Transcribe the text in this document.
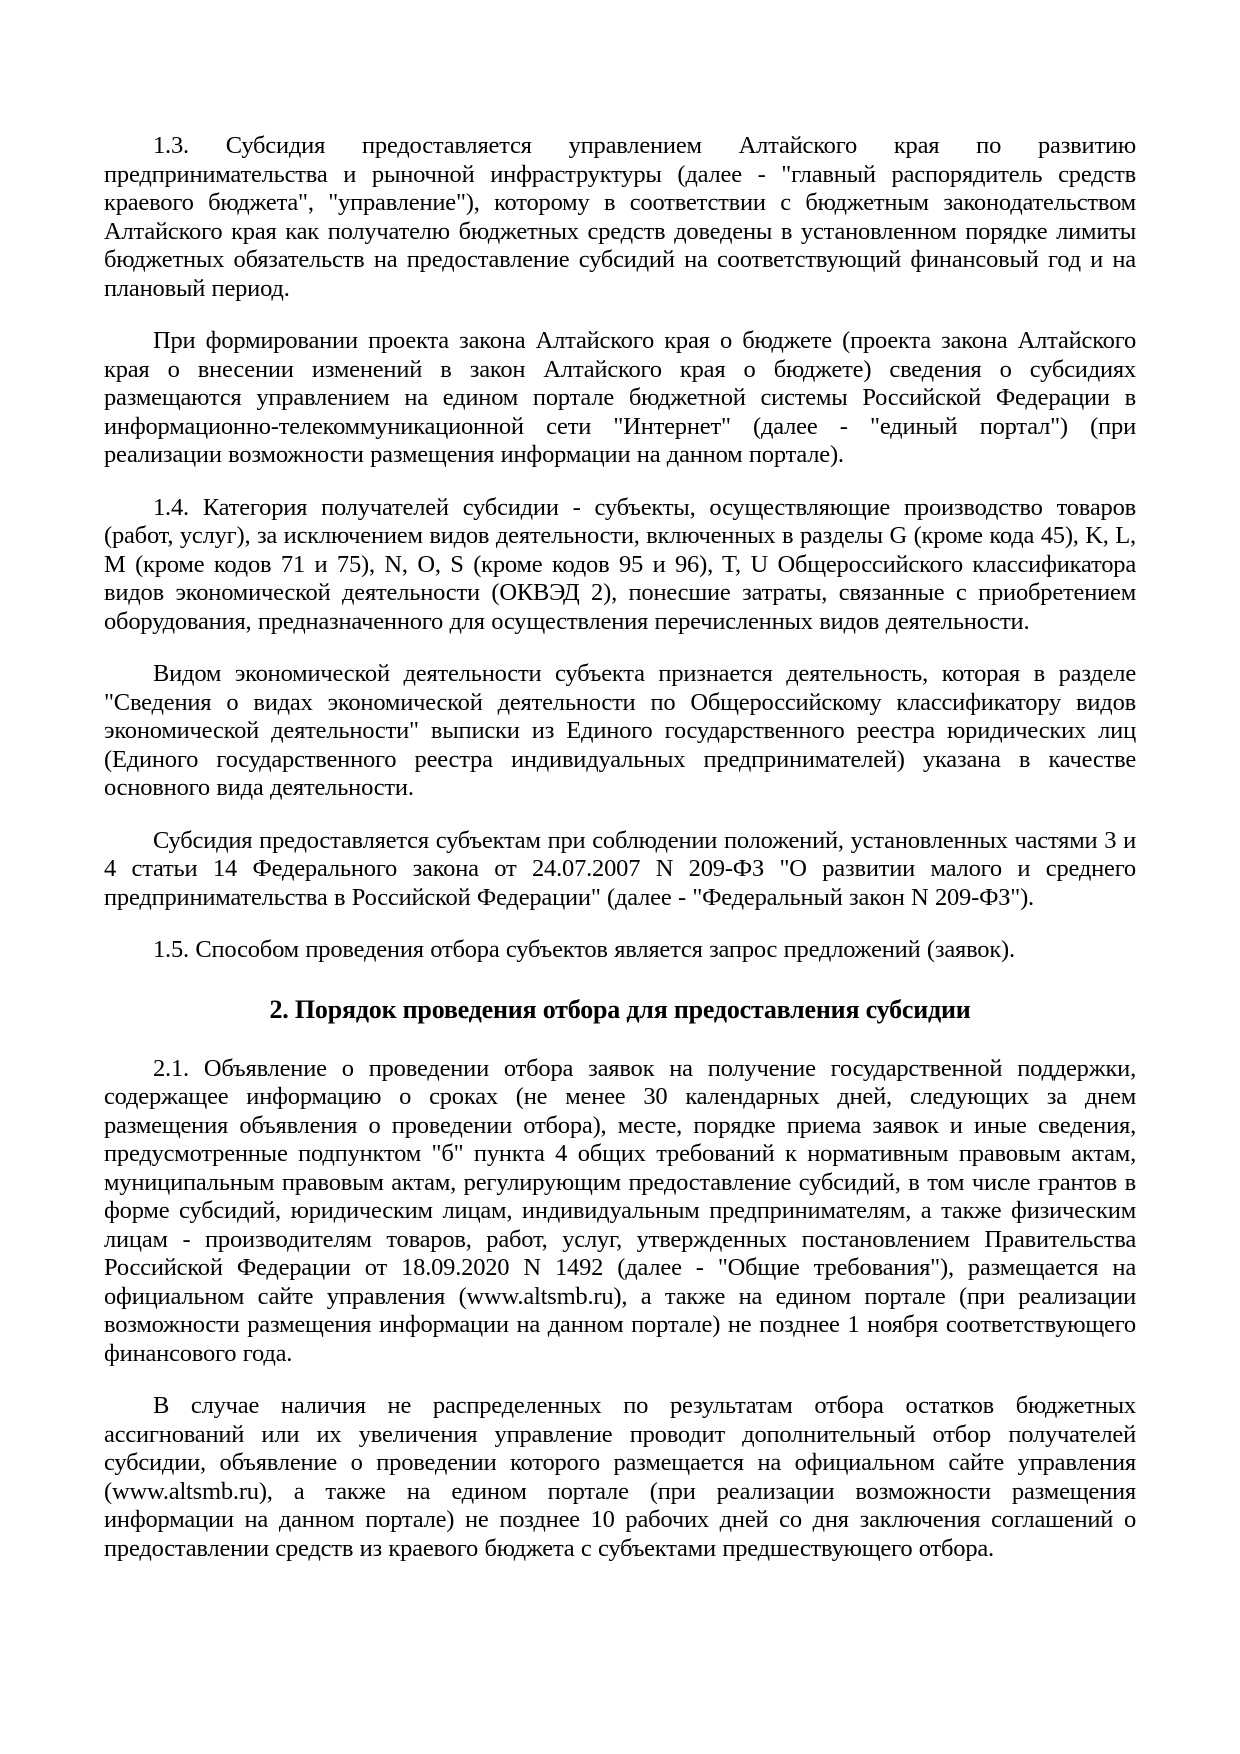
1.3. Субсидия предоставляется управлением Алтайского края по развитию предпринимательства и рыночной инфраструктуры (далее - "главный распорядитель средств краевого бюджета", "управление"), которому в соответствии с бюджетным законодательством Алтайского края как получателю бюджетных средств доведены в установленном порядке лимиты бюджетных обязательств на предоставление субсидий на соответствующий финансовый год и на плановый период.

При формировании проекта закона Алтайского края о бюджете (проекта закона Алтайского края о внесении изменений в закон Алтайского края о бюджете) сведения о субсидиях размещаются управлением на едином портале бюджетной системы Российской Федерации в информационно-телекоммуникационной сети "Интернет" (далее - "единый портал") (при реализации возможности размещения информации на данном портале).

1.4. Категория получателей субсидии - субъекты, осуществляющие производство товаров (работ, услуг), за исключением видов деятельности, включенных в разделы G (кроме кода 45), K, L, M (кроме кодов 71 и 75), N, O, S (кроме кодов 95 и 96), T, U Общероссийского классификатора видов экономической деятельности (ОКВЭД 2), понесшие затраты, связанные с приобретением оборудования, предназначенного для осуществления перечисленных видов деятельности.

Видом экономической деятельности субъекта признается деятельность, которая в разделе "Сведения о видах экономической деятельности по Общероссийскому классификатору видов экономической деятельности" выписки из Единого государственного реестра юридических лиц (Единого государственного реестра индивидуальных предпринимателей) указана в качестве основного вида деятельности.

Субсидия предоставляется субъектам при соблюдении положений, установленных частями 3 и 4 статьи 14 Федерального закона от 24.07.2007 N 209-ФЗ "О развитии малого и среднего предпринимательства в Российской Федерации" (далее - "Федеральный закон N 209-ФЗ").

1.5. Способом проведения отбора субъектов является запрос предложений (заявок).

2. Порядок проведения отбора для предоставления субсидии

2.1. Объявление о проведении отбора заявок на получение государственной поддержки, содержащее информацию о сроках (не менее 30 календарных дней, следующих за днем размещения объявления о проведении отбора), месте, порядке приема заявок и иные сведения, предусмотренные подпунктом "б" пункта 4 общих требований к нормативным правовым актам, муниципальным правовым актам, регулирующим предоставление субсидий, в том числе грантов в форме субсидий, юридическим лицам, индивидуальным предпринимателям, а также физическим лицам - производителям товаров, работ, услуг, утвержденных постановлением Правительства Российской Федерации от 18.09.2020 N 1492 (далее - "Общие требования"), размещается на официальном сайте управления (www.altsmb.ru), а также на едином портале (при реализации возможности размещения информации на данном портале) не позднее 1 ноября соответствующего финансового года.

В случае наличия не распределенных по результатам отбора остатков бюджетных ассигнований или их увеличения управление проводит дополнительный отбор получателей субсидии, объявление о проведении которого размещается на официальном сайте управления (www.altsmb.ru), а также на едином портале (при реализации возможности размещения информации на данном портале) не позднее 10 рабочих дней со дня заключения соглашений о предоставлении средств из краевого бюджета с субъектами предшествующего отбора.
